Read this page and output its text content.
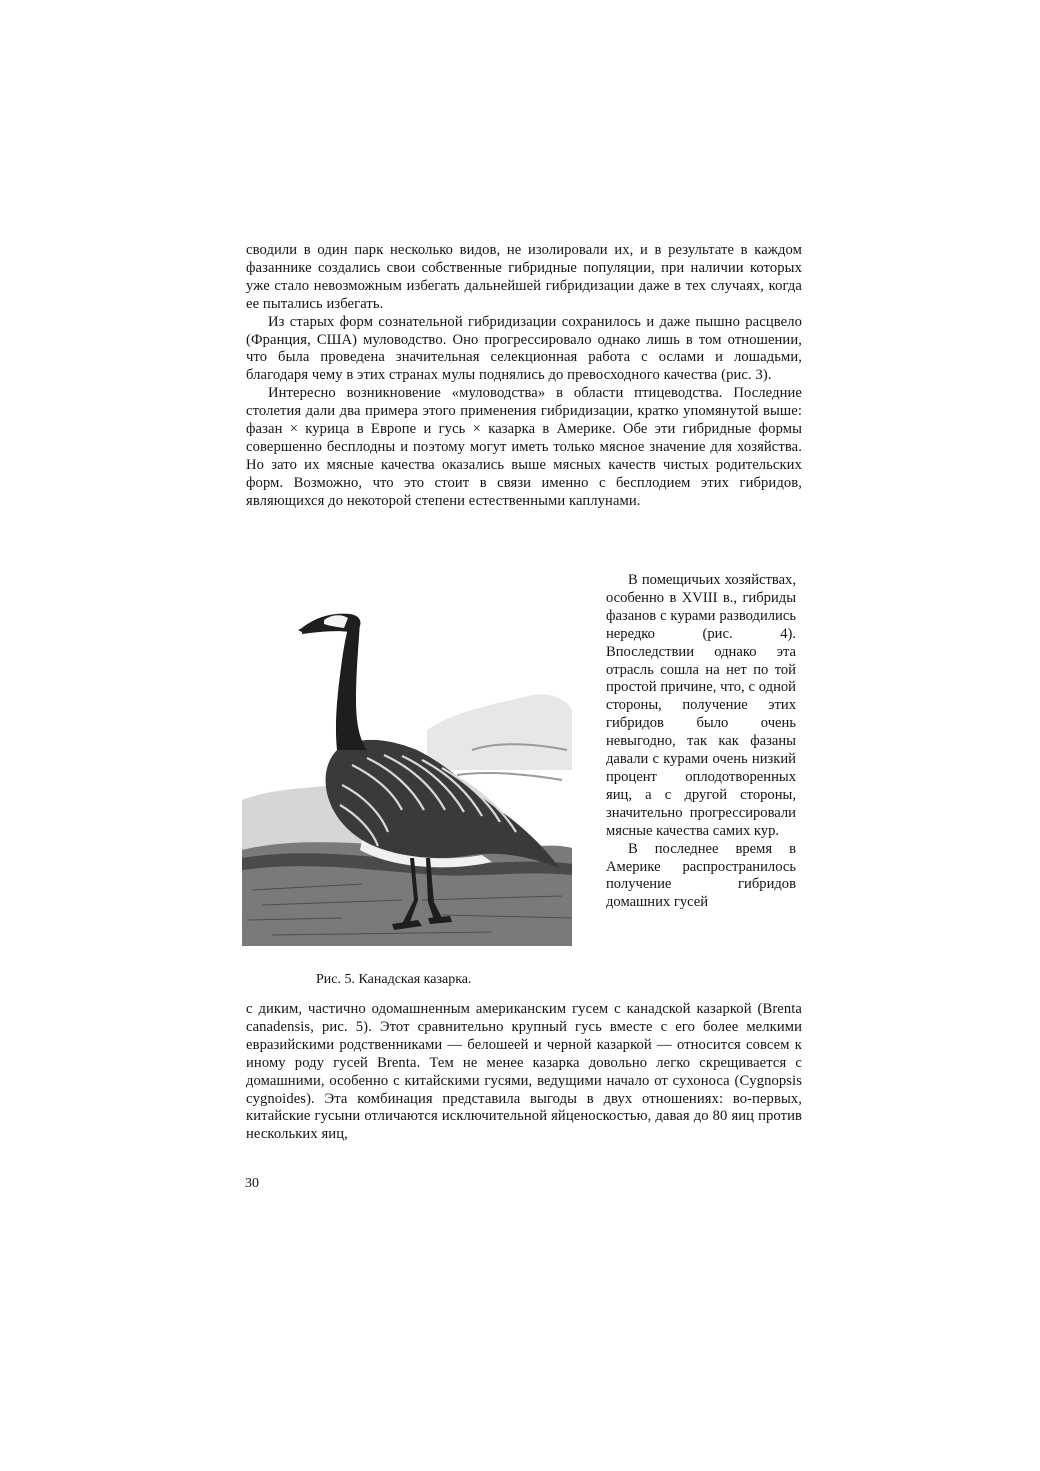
сводили в один парк несколько видов, не изолировали их, и в результате в каждом фазаннике создались свои собственные гибридные популяции, при наличии которых уже стало невозможным избегать дальнейшей гибридизации даже в тех случаях, когда ее пытались избегать.

Из старых форм сознательной гибридизации сохранилось и даже пышно расцвело (Франция, США) муловодство. Оно прогрессировало однако лишь в том отношении, что была проведена значительная селекционная работа с ослами и лошадьми, благодаря чему в этих странах мулы поднялись до превосходного качества (рис. 3).

Интересно возникновение «муловодства» в области птицеводства. Последние столетия дали два примера этого применения гибридизации, кратко упомянутой выше: фазан × курица в Европе и гусь × казарка в Америке. Обе эти гибридные формы совершенно бесплодны и поэтому могут иметь только мясное значение для хозяйства. Но зато их мясные качества оказались выше мясных качеств чистых родительских форм. Возможно, что это стоит в связи именно с бесплодием этих гибридов, являющихся до некоторой степени естественными каплунами.

Рис. 5. Канадская казарка.

В помещичьих хозяйствах, особенно в XVIII в., гибриды фазанов с курами разводились нередко (рис. 4). Впоследствии однако эта отрасль сошла на нет по той простой причине, что, с одной стороны, получение этих гибридов было очень невыгодно, так как фазаны давали с курами очень низкий процент оплодотворенных яиц, а с другой стороны, значительно прогрессировали мясные качества самих кур.

В последнее время в Америке распространилось получение гибридов домашних гусей

с диким, частично одомашненным американским гусем с канадской казаркой (Brenta canadensis, рис. 5). Этот сравнительно крупный гусь вместе с его более мелкими евразийскими родственниками — белошеей и черной казаркой — относится совсем к иному роду гусей Brenta. Тем не менее казарка довольно легко скрещивается с домашними, особенно с китайскими гусями, ведущими начало от сухоноса (Cygnopsis cygnoides). Эта комбинация представила выгоды в двух отношениях: во-первых, китайские гусыни отличаются исключительной яйценоскостью, давая до 80 яиц против нескольких яиц,

30
